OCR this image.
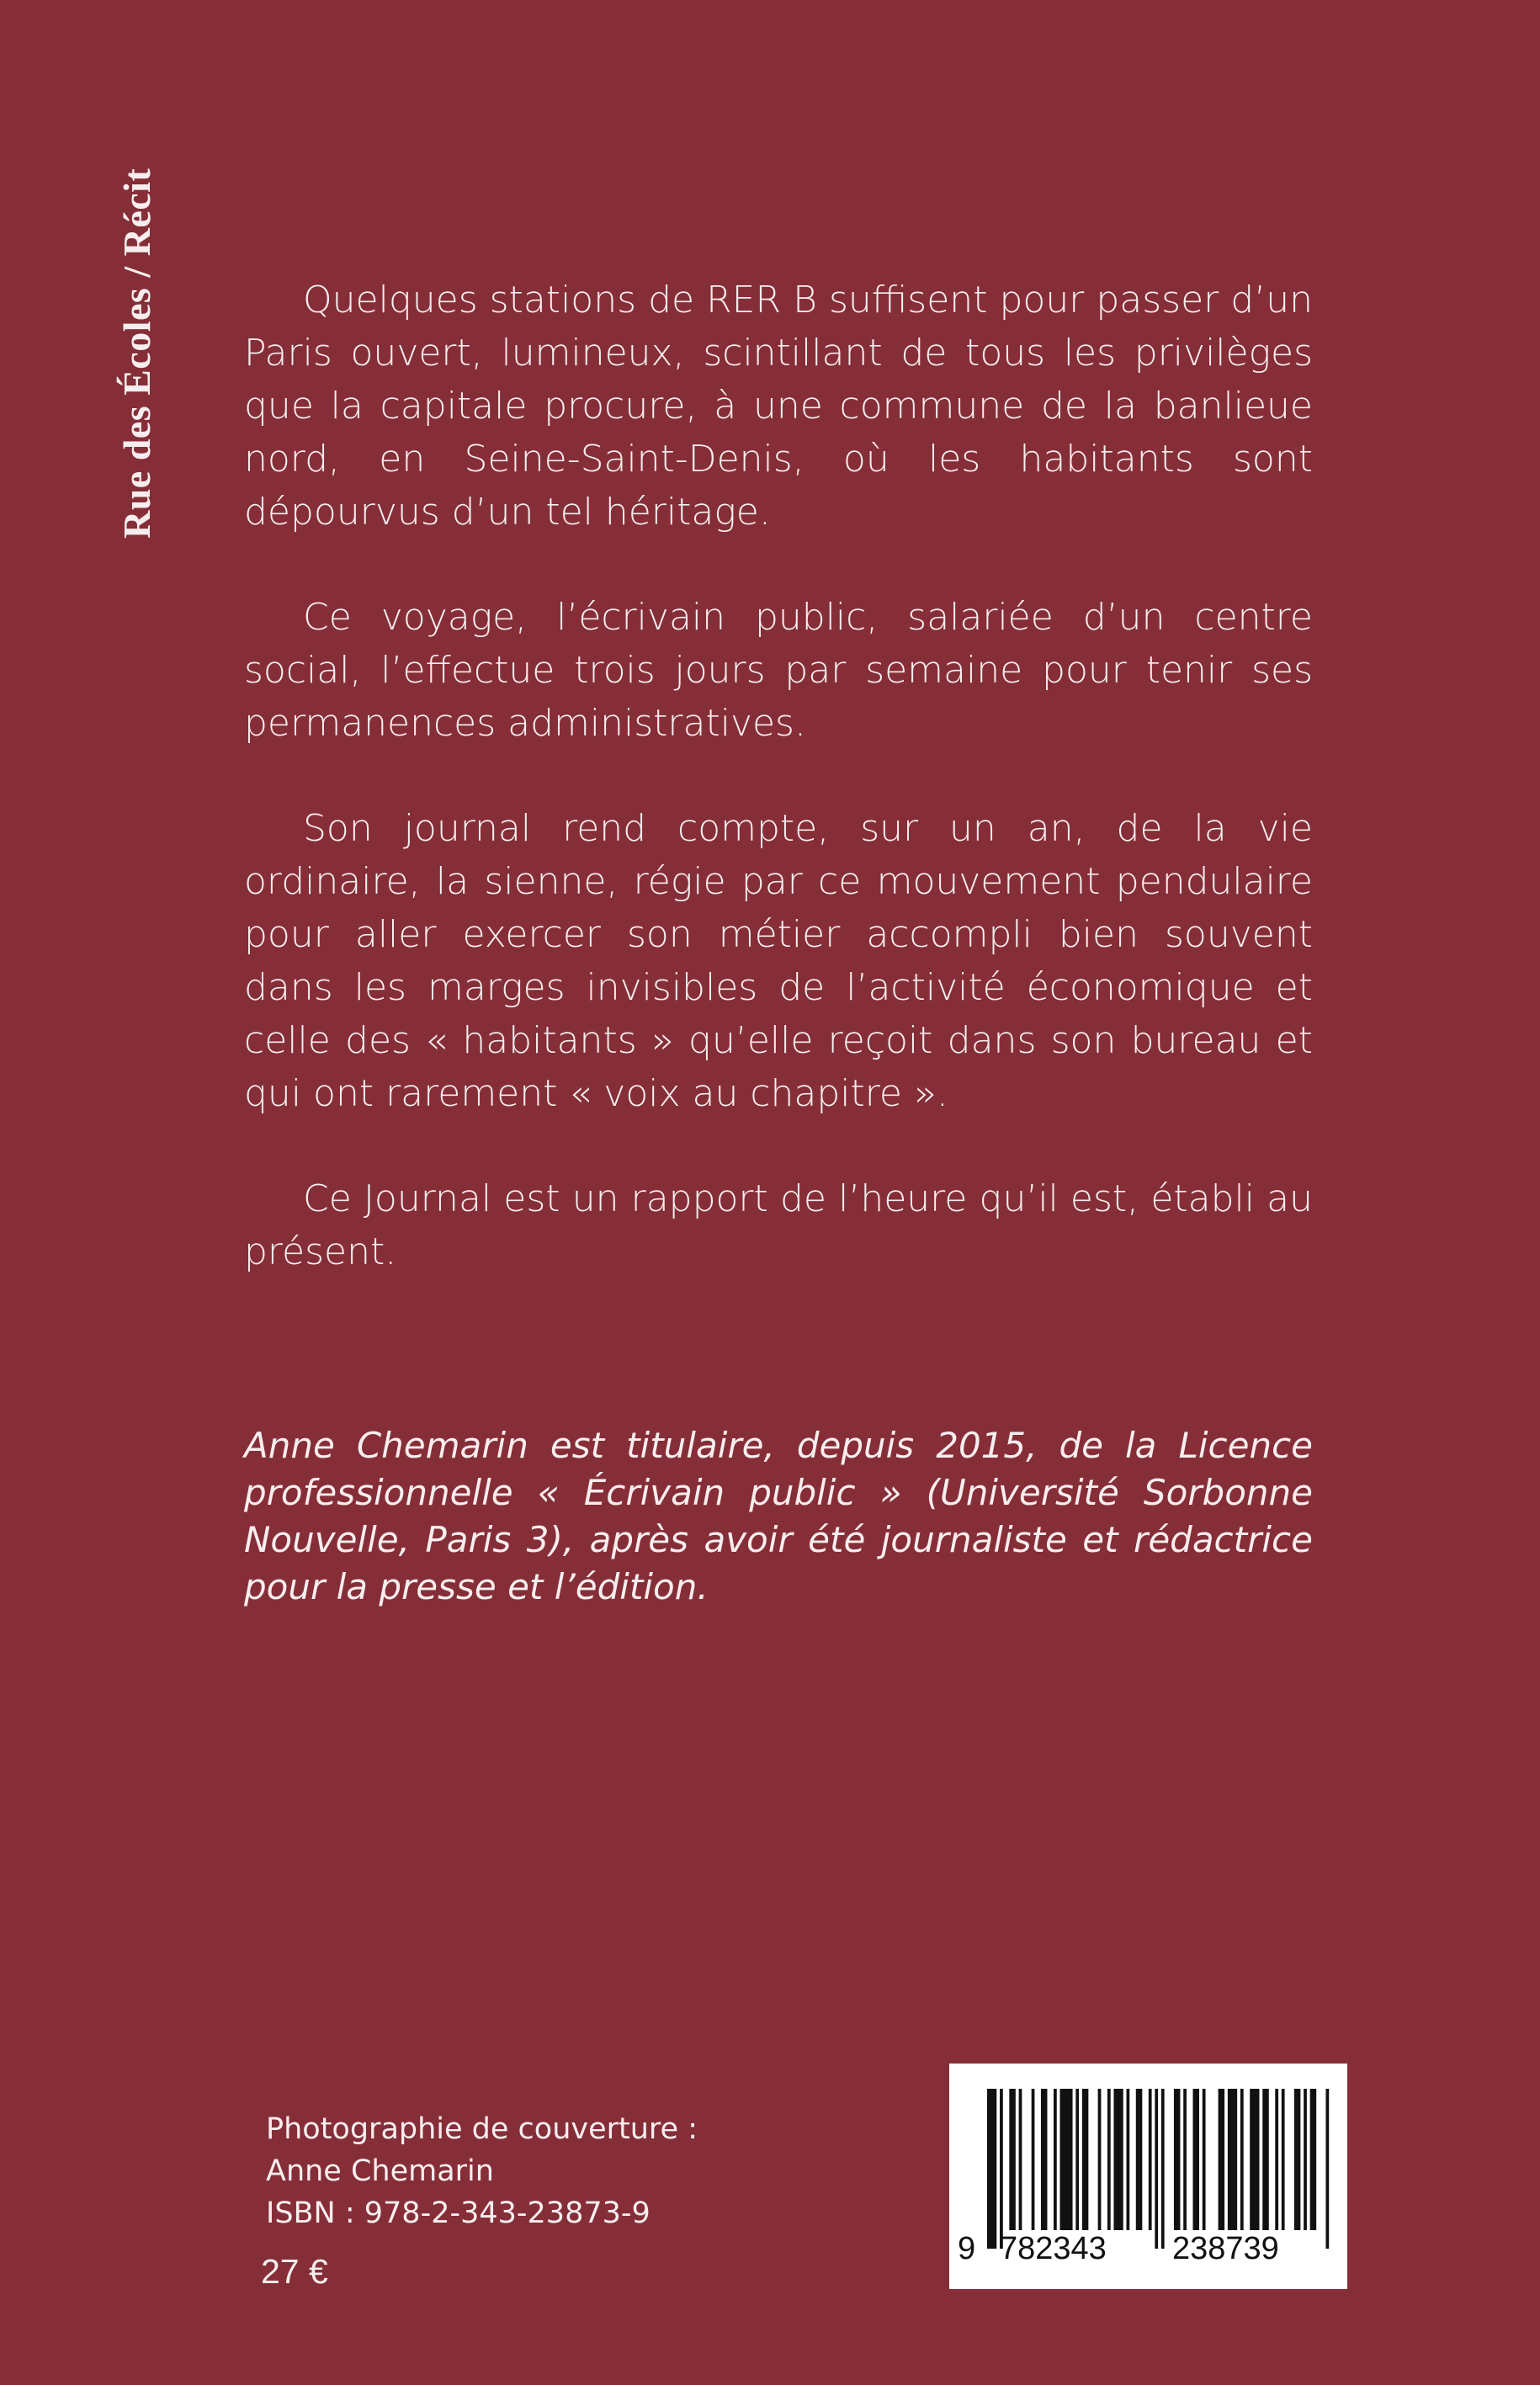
Rue des Écoles / Récit	Quelques stations de RER B suffisent pour passer d’un Paris ouvert, lumineux, scintillant de tous les privilèges que la capitale procure, à une commune de la banlieue nord, en Seine-Saint-Denis, où les habitants sont dépourvus d’un tel héritage.

Ce voyage, l’écrivain public, salariée d’un centre social, l’effectue trois jours par semaine pour tenir ses permanences administratives.

Son journal rend compte, sur un an, de la vie ordinaire, la sienne, régie par ce mouvement pendulaire pour aller exercer son métier accompli bien souvent dans les marges invisibles de l’activité économique et celle des « habitants » qu’elle reçoit dans son bureau et qui ont rarement « voix au chapitre ».

Ce Journal est un rapport de l’heure qu’il est, établi au présent.

Anne Chemarin est titulaire, depuis 2015, de la Licence professionnelle « Écrivain public » (Université Sorbonne Nouvelle, Paris 3), après avoir été journaliste et rédactrice pour la presse et l’édition.

Photographie de couverture :
Anne Chemarin
ISBN : 978-2-343-23873-9
27 €
9 782343 238739
